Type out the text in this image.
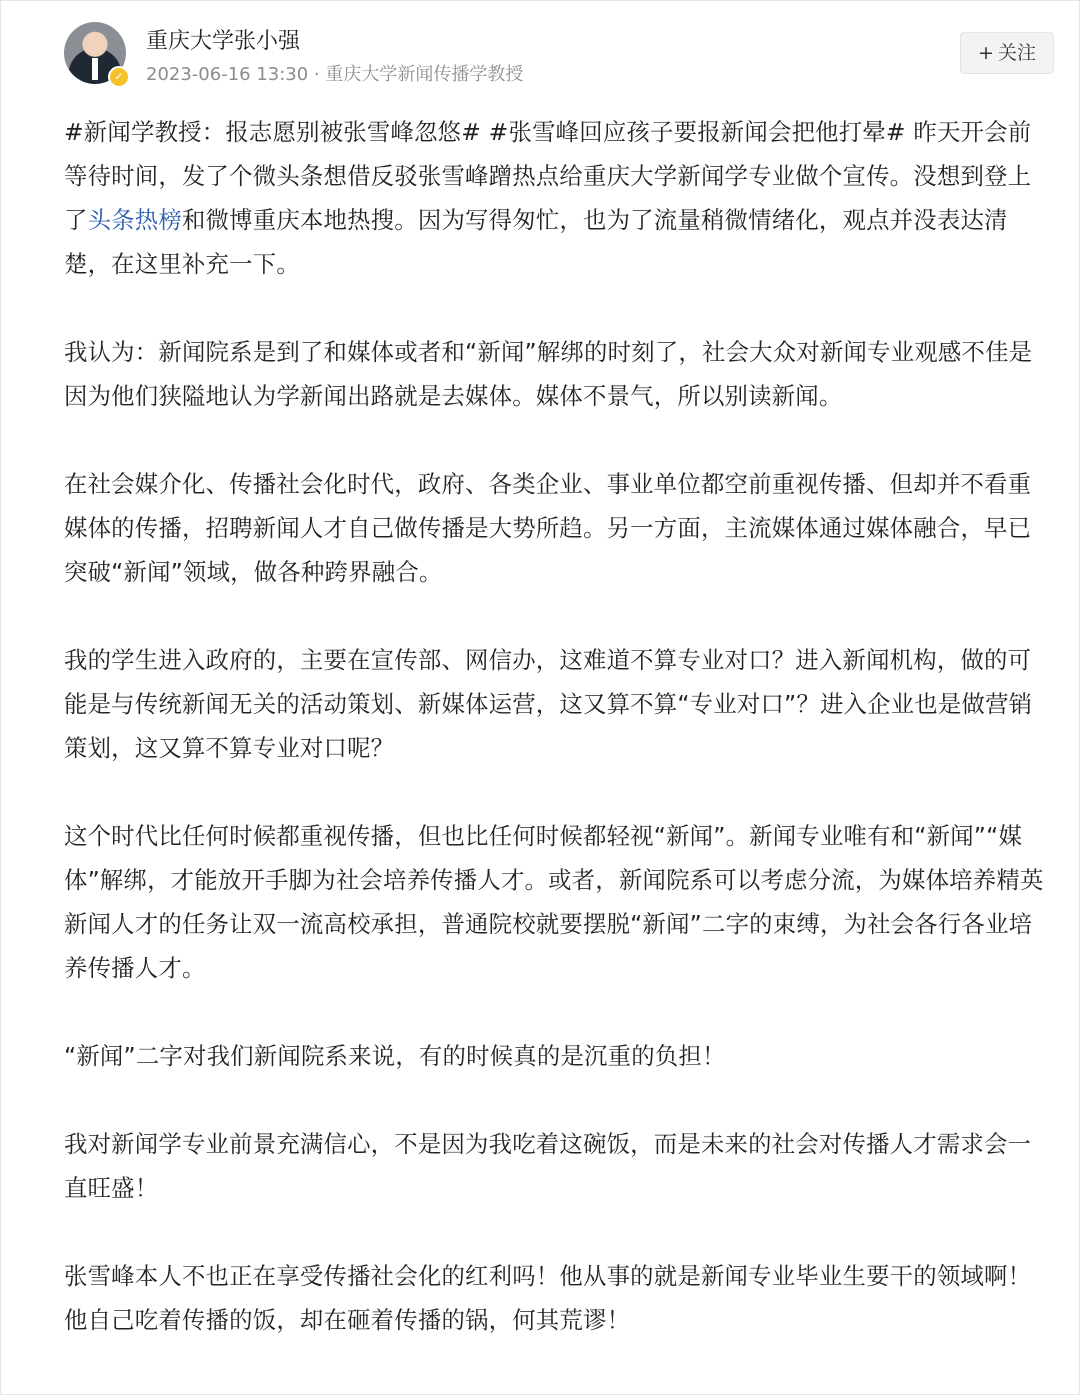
✓
重庆大学张小强
2023-06-16 13:30 · 重庆大学新闻传播学教授
+ 关注

#新闻学教授：报志愿别被张雪峰忽悠# #张雪峰回应孩子要报新闻会把他打晕# 昨天开会前等待时间，发了个微头条想借反驳张雪峰蹭热点给重庆大学新闻学专业做个宣传。没想到登上了头条热榜和微博重庆本地热搜。因为写得匆忙，也为了流量稍微情绪化，观点并没表达清楚，在这里补充一下。

我认为：新闻院系是到了和媒体或者和“新闻”解绑的时刻了，社会大众对新闻专业观感不佳是因为他们狭隘地认为学新闻出路就是去媒体。媒体不景气，所以别读新闻。

在社会媒介化、传播社会化时代，政府、各类企业、事业单位都空前重视传播、但却并不看重媒体的传播，招聘新闻人才自己做传播是大势所趋。另一方面，主流媒体通过媒体融合，早已突破“新闻”领域，做各种跨界融合。

我的学生进入政府的，主要在宣传部、网信办，这难道不算专业对口？进入新闻机构，做的可能是与传统新闻无关的活动策划、新媒体运营，这又算不算“专业对口”？进入企业也是做营销策划，这又算不算专业对口呢？

这个时代比任何时候都重视传播，但也比任何时候都轻视“新闻”。新闻专业唯有和“新闻”“媒体”解绑，才能放开手脚为社会培养传播人才。或者，新闻院系可以考虑分流，为媒体培养精英新闻人才的任务让双一流高校承担，普通院校就要摆脱“新闻”二字的束缚，为社会各行各业培养传播人才。

“新闻”二字对我们新闻院系来说，有的时候真的是沉重的负担！

我对新闻学专业前景充满信心，不是因为我吃着这碗饭，而是未来的社会对传播人才需求会一直旺盛！

张雪峰本人不也正在享受传播社会化的红利吗！他从事的就是新闻专业毕业生要干的领域啊！他自己吃着传播的饭，却在砸着传播的锅，何其荒谬！
